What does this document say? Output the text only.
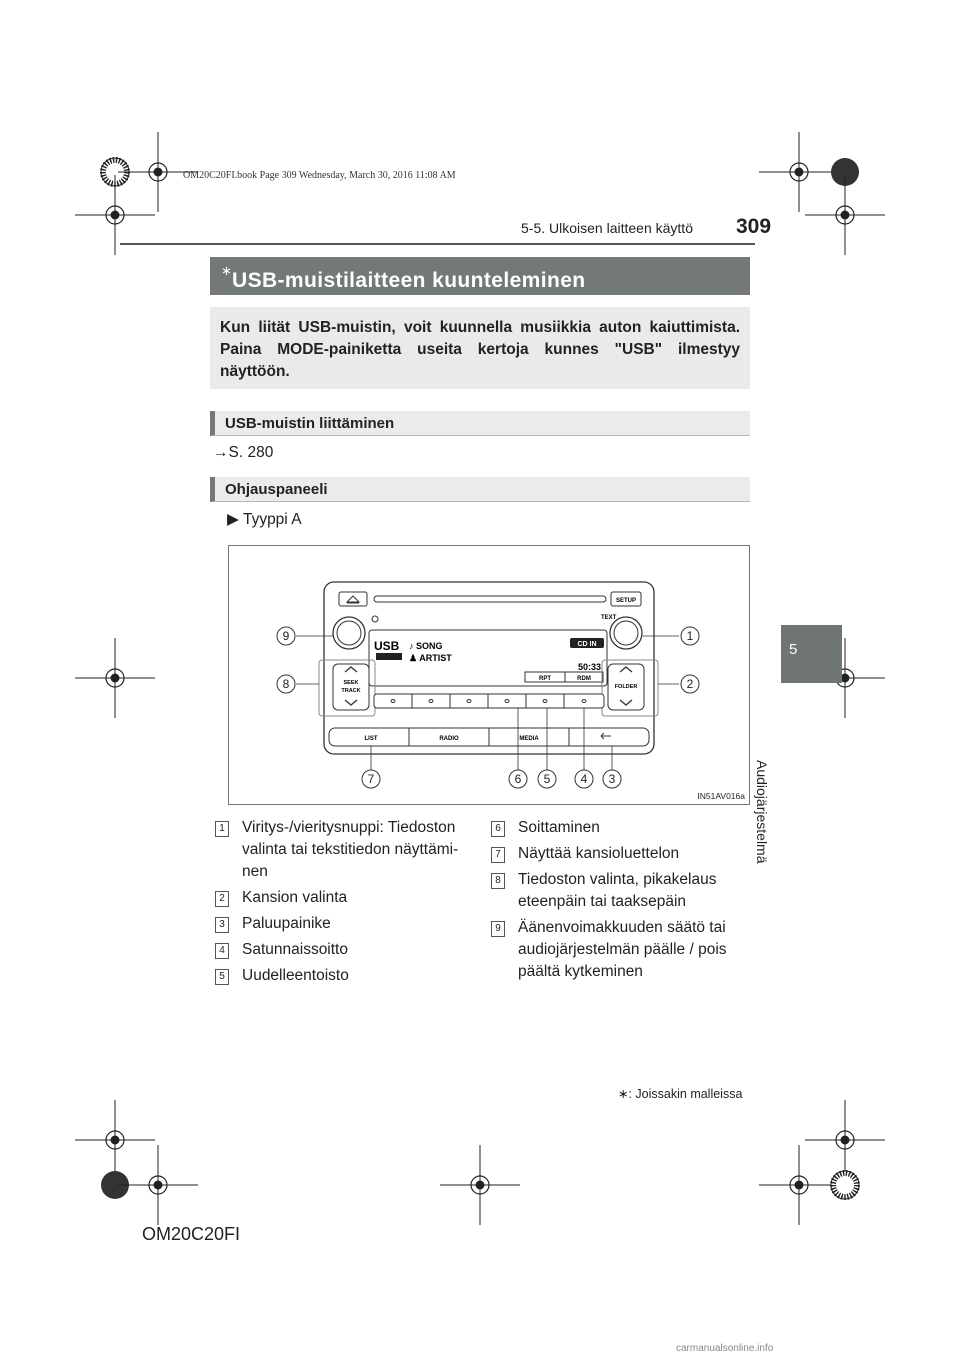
OM20C20FI.book Page 309 Wednesday, March 30, 2016 11:08 AM
5-5. Ulkoisen laitteen käyttö 309
5
Audiojärjestelmä
USB-muistilaitteen kuunteleminen
∗

Kun liität USB-muistin, voit kuunnella musiikkia auton kaiuttimista. Paina MODE-painiketta useita kertoja kunnes "USB" ilmestyy näyttöön.

USB-muistin liittäminen
→S. 280
Ohjauspaneeli
▶ Tyyppi A
SETUP
TEXT
USB ♪ SONG
♟ ARTIST
CD IN
50:33
RPT	RDM
SEEK
TRACK
FOLDER
LIST	RADIO	MEDIA
9
8
1
2
7	6 5	4 3
IN51AV016a
1 Viritys-/vieritysnuppi: Tiedoston valinta tai tekstitiedon näyttäminen
2 Kansion valinta
3 Paluupainike
4 Satunnaissoitto
5 Uudelleentoisto
6 Soittaminen
7 Näyttää kansioluettelon
8 Tiedoston valinta, pikakelaus eteenpäin tai taaksepäin
9 Äänenvoimakkuuden säätö tai audiojärjestelmän päälle / pois päältä kytkeminen
∗: Joissakin malleissa
OM20C20FI
carmanualsonline.info
